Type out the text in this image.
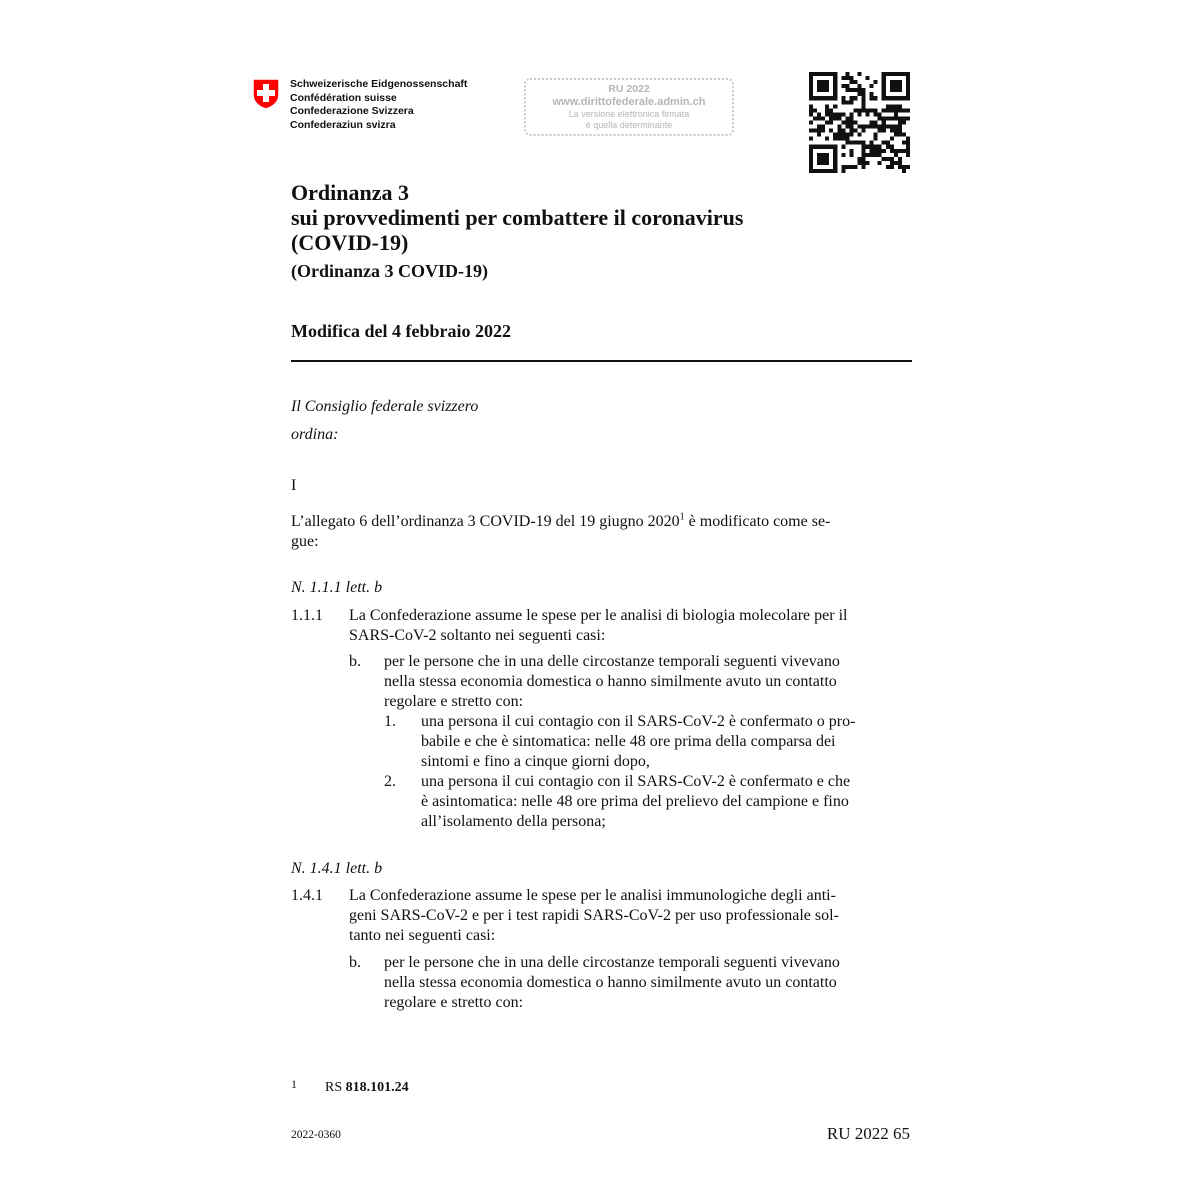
Schweizerische Eidgenossenschaft
Confédération suisse
Confederazione Svizzera
Confederaziun svizra
RU 2022
www.dirittofederale.admin.ch
La versione elettronica firmata
è quella determinante
Ordinanza 3
sui provvedimenti per combattere il coronavirus
(COVID-19)
(Ordinanza 3 COVID-19)
Modifica del 4 febbraio 2022
Il Consiglio federale svizzero
ordina:
I
L’allegato 6 dell’ordinanza 3 COVID-19 del 19 giugno 2020$^1$ è modificato come se-
gue:
N. 1.1.1 lett. b
1.1.1 La Confederazione assume le spese per le analisi di biologia molecolare per il
SARS-CoV-2 soltanto nei seguenti casi:
b. per le persone che in una delle circostanze temporali seguenti vivevano
nella stessa economia domestica o hanno similmente avuto un contatto
regolare e stretto con:
1. una persona il cui contagio con il SARS-CoV-2 è confermato o pro-
babile e che è sintomatica: nelle 48 ore prima della comparsa dei
sintomi e fino a cinque giorni dopo,
2. una persona il cui contagio con il SARS-CoV-2 è confermato e che
è asintomatica: nelle 48 ore prima del prelievo del campione e fino
all’isolamento della persona;
N. 1.4.1 lett. b
1.4.1 La Confederazione assume le spese per le analisi immunologiche degli anti-
geni SARS-CoV-2 e per i test rapidi SARS-CoV-2 per uso professionale sol-
tanto nei seguenti casi:
b. per le persone che in una delle circostanze temporali seguenti vivevano
nella stessa economia domestica o hanno similmente avuto un contatto
regolare e stretto con:
1 RS 818.101.24
2022-0360	RU 2022 65
